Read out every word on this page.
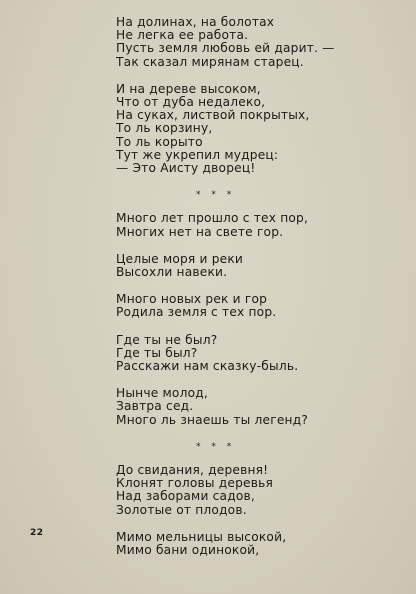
На долинах, на болотах
Не легка ее работа.
Пусть земля любовь ей дарит. —
Так сказал мирянам старец.
И на дереве высоком,
Что от дуба недалеко,
На суках, листвой покрытых,
То ль корзину,
То ль корыто
Тут же укрепил мудрец:
— Это Аисту дворец!
* * *
Много лет прошло с тех пор,
Многих нет на свете гор.
Целые моря и реки
Высохли навеки.
Много новых рек и гор
Родила земля с тех пор.
Где ты не был?
Где ты был?
Расскажи нам сказку-быль.
Нынче молод,
Завтра сед.
Много ль знаешь ты легенд?
* * *
До свидания, деревня!
Клонят головы деревья
Над заборами садов,
Золотые от плодов.
Мимо мельницы высокой,
Мимо бани одинокой,
22
